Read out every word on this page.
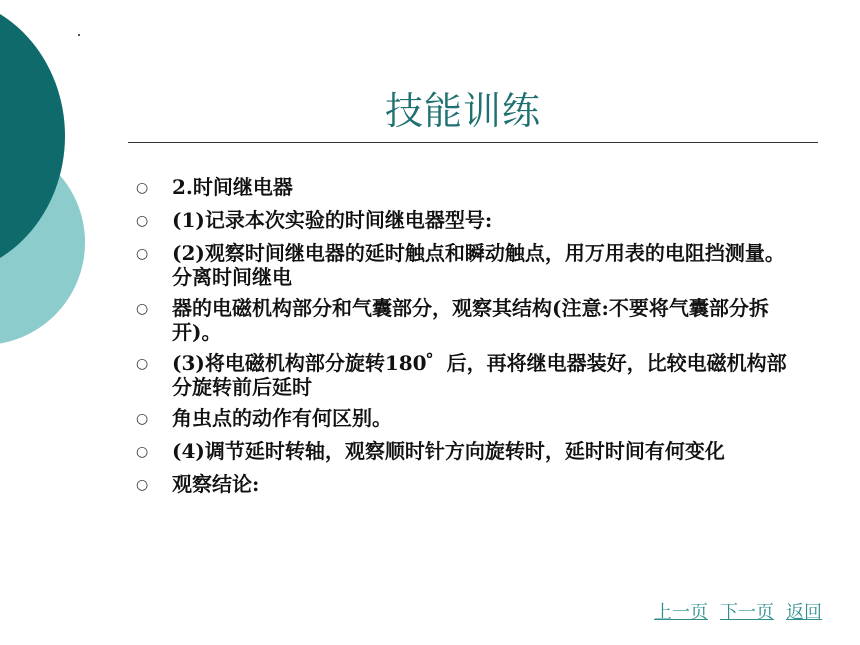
技能训练
○	2.时间继电器
○	(1)记录本次实验的时间继电器型号:
○	(2)观察时间继电器的延时触点和瞬动触点，用万用表的电阻挡测量。分离时间继电
○	器的电磁机构部分和气囊部分，观察其结构(注意:不要将气囊部分拆开)。
○	(3)将电磁机构部分旋转180゜后，再将继电器装好，比较电磁机构部分旋转前后延时
○	角虫点的动作有何区别。
○	(4)调节延时转轴，观察顺时针方向旋转时，延时时间有何变化
○	观察结论:
上一页 下一页 返回
